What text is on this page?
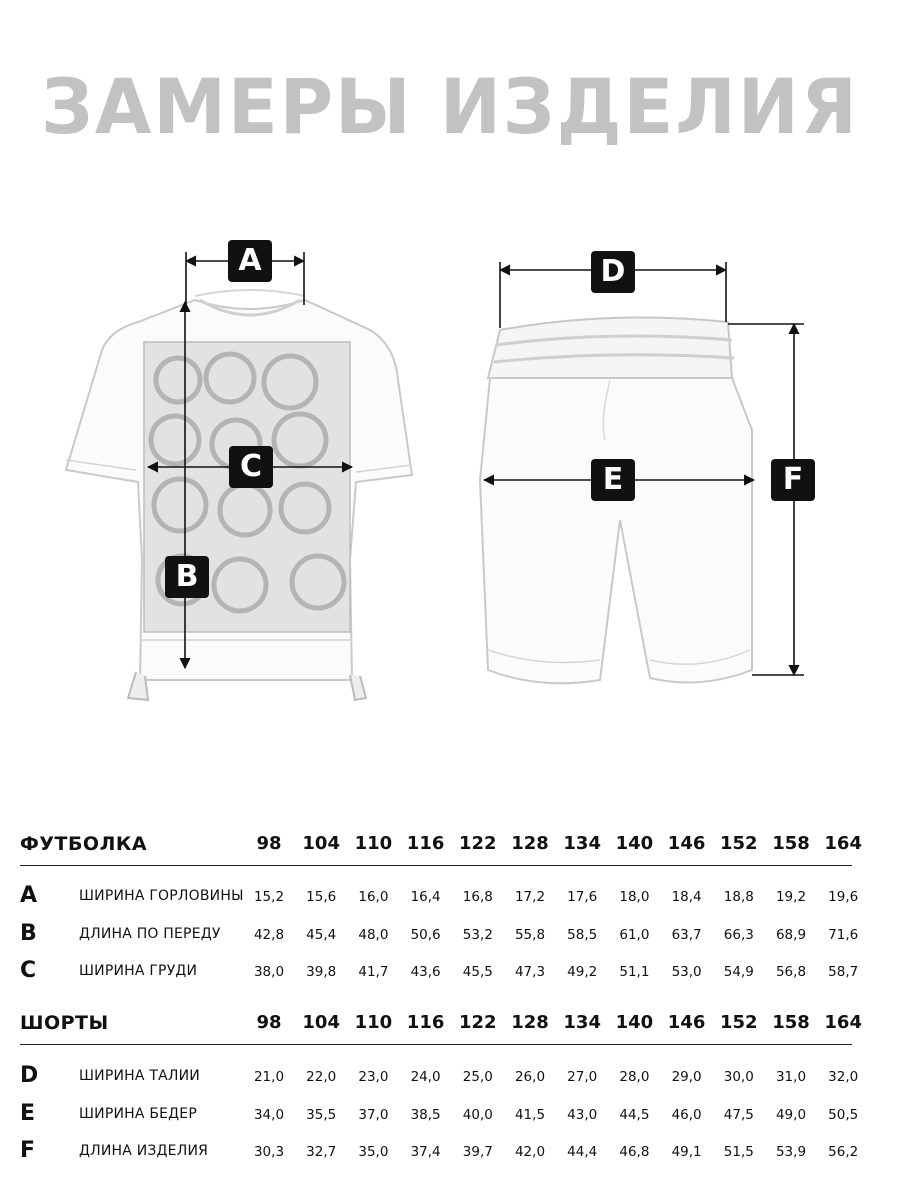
ЗАМЕРЫ ИЗДЕЛИЯ
A
B
C
D
E	F
ФУТБОЛКА	98	104 110 116 122 128 134 140 146 152 158 164
A	ШИРИНА ГОРЛОВИНЫ 15,2	15,6	16,0	16,4	16,8	17,2	17,6	18,0	18,4	18,8	19,2	19,6
B	ДЛИНА ПО ПЕРЕДУ	42,8	45,4	48,0	50,6	53,2	55,8	58,5	61,0	63,7	66,3	68,9	71,6
C	ШИРИНА ГРУДИ	38,0	39,8	41,7	43,6	45,5	47,3	49,2	51,1	53,0	54,9	56,8	58,7
ШОРТЫ	98	104 110 116 122 128 134 140 146 152 158 164
D	ШИРИНА ТАЛИИ	21,0	22,0	23,0	24,0	25,0	26,0	27,0	28,0	29,0	30,0	31,0	32,0
E	ШИРИНА БЕДЕР	34,0	35,5	37,0	38,5	40,0	41,5	43,0	44,5	46,0	47,5	49,0	50,5
F	ДЛИНА ИЗДЕЛИЯ	30,3	32,7	35,0	37,4	39,7	42,0	44,4	46,8	49,1	51,5	53,9	56,2
